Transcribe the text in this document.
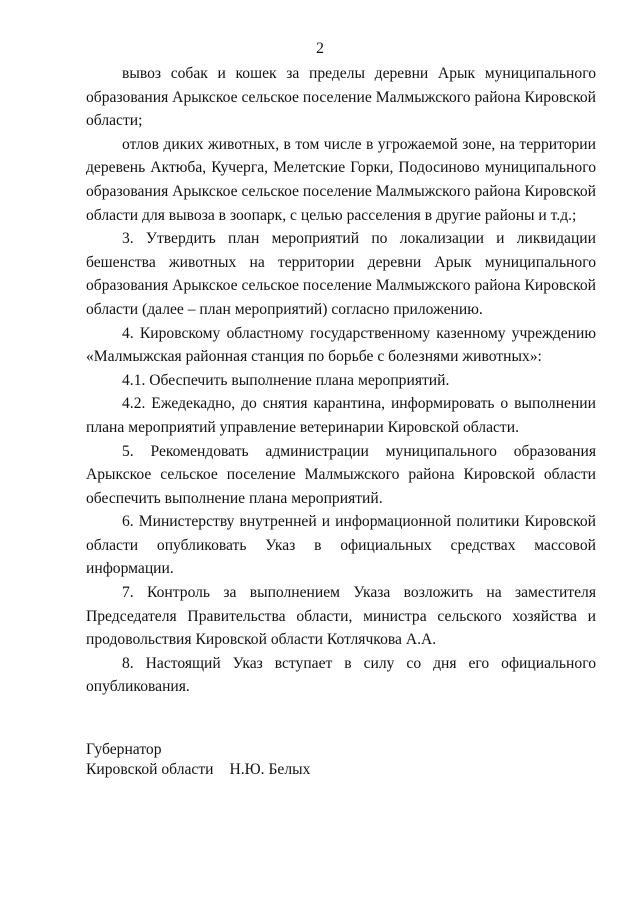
2

вывоз собак и кошек за пределы деревни Арык муниципального образования Арыкское сельское поселение Малмыжского района Кировской области;

отлов диких животных, в том числе в угрожаемой зоне, на территории деревень Актюба, Кучерга, Мелетские Горки, Подосиново муниципального образования Арыкское сельское поселение Малмыжского района Кировской области для вывоза в зоопарк, с целью расселения в другие районы и т.д.;

3. Утвердить план мероприятий по локализации и ликвидации бешенства животных на территории деревни Арык муниципального образования Арыкское сельское поселение Малмыжского района Кировской области (далее – план мероприятий) согласно приложению.

4. Кировскому областному государственному казенному учреждению «Малмыжская районная станция по борьбе с болезнями животных»:

4.1. Обеспечить выполнение плана мероприятий.

4.2. Ежедекадно, до снятия карантина, информировать о выполнении плана мероприятий управление ветеринарии Кировской области.

5. Рекомендовать администрации муниципального образования Арыкское сельское поселение Малмыжского района Кировской области обеспечить выполнение плана мероприятий.

6. Министерству внутренней и информационной политики Кировской области опубликовать Указ в официальных средствах массовой информации.

7. Контроль за выполнением Указа возложить на заместителя Председателя Правительства области, министра сельского хозяйства и продовольствия Кировской области Котлячкова А.А.

8. Настоящий Указ вступает в силу со дня его официального опубликования.

Губернатор

Кировской области Н.Ю. Белых
